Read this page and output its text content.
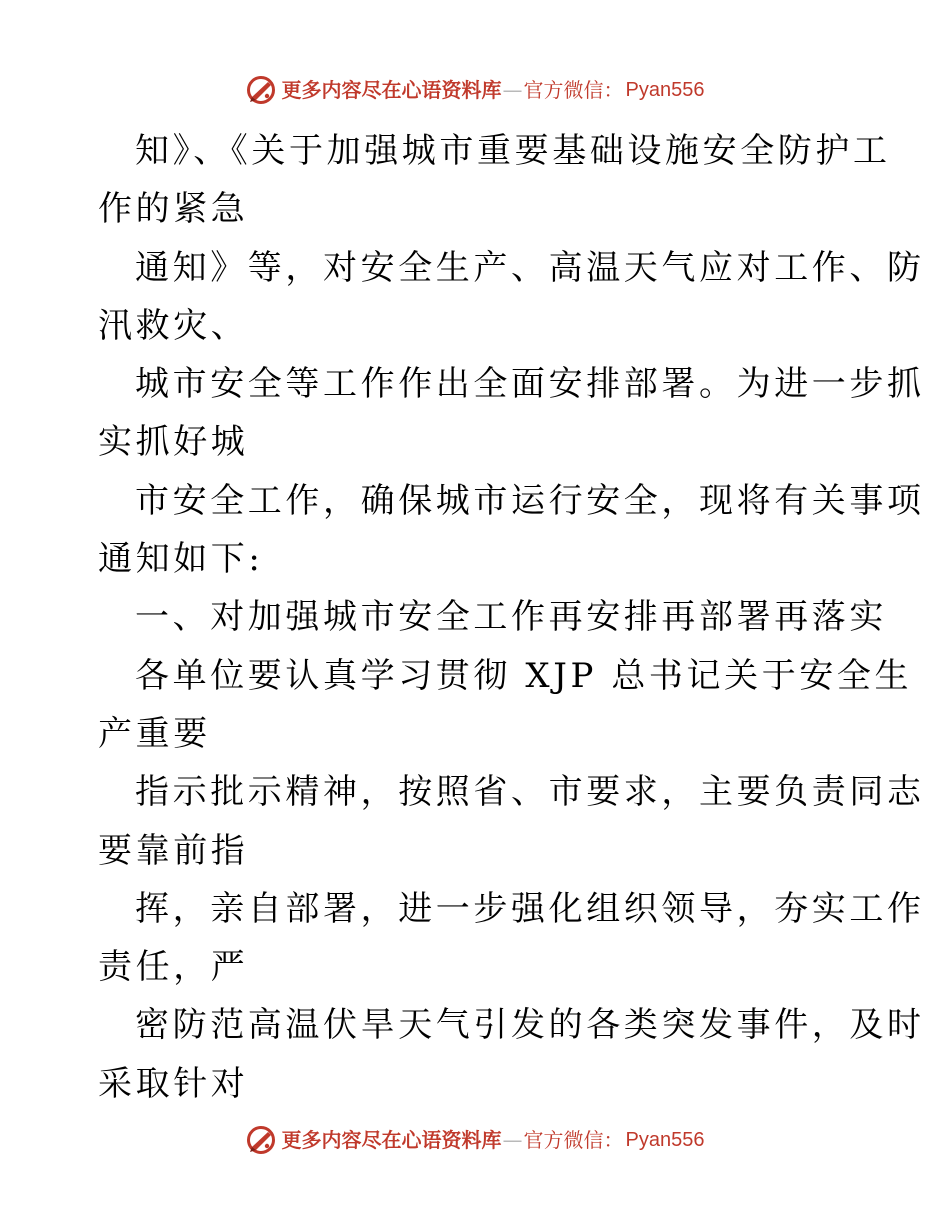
更多内容尽在心语资料库 — 官方微信： Pyan556
知》、《关于加强城市重要基础设施安全防护工
作的紧急
通知》等，对安全生产、高温天气应对工作、防
汛救灾、
城市安全等工作作出全面安排部署。为进一步抓
实抓好城
市安全工作，确保城市运行安全，现将有关事项
通知如下:
一、对加强城市安全工作再安排再部署再落实
各单位要认真学习贯彻 XJP 总书记关于安全生
产重要
指示批示精神，按照省、市要求，主要负责同志
要靠前指
挥，亲自部署，进一步强化组织领导，夯实工作
责任，严
密防范高温伏旱天气引发的各类突发事件，及时
采取针对
更多内容尽在心语资料库 — 官方微信： Pyan556
